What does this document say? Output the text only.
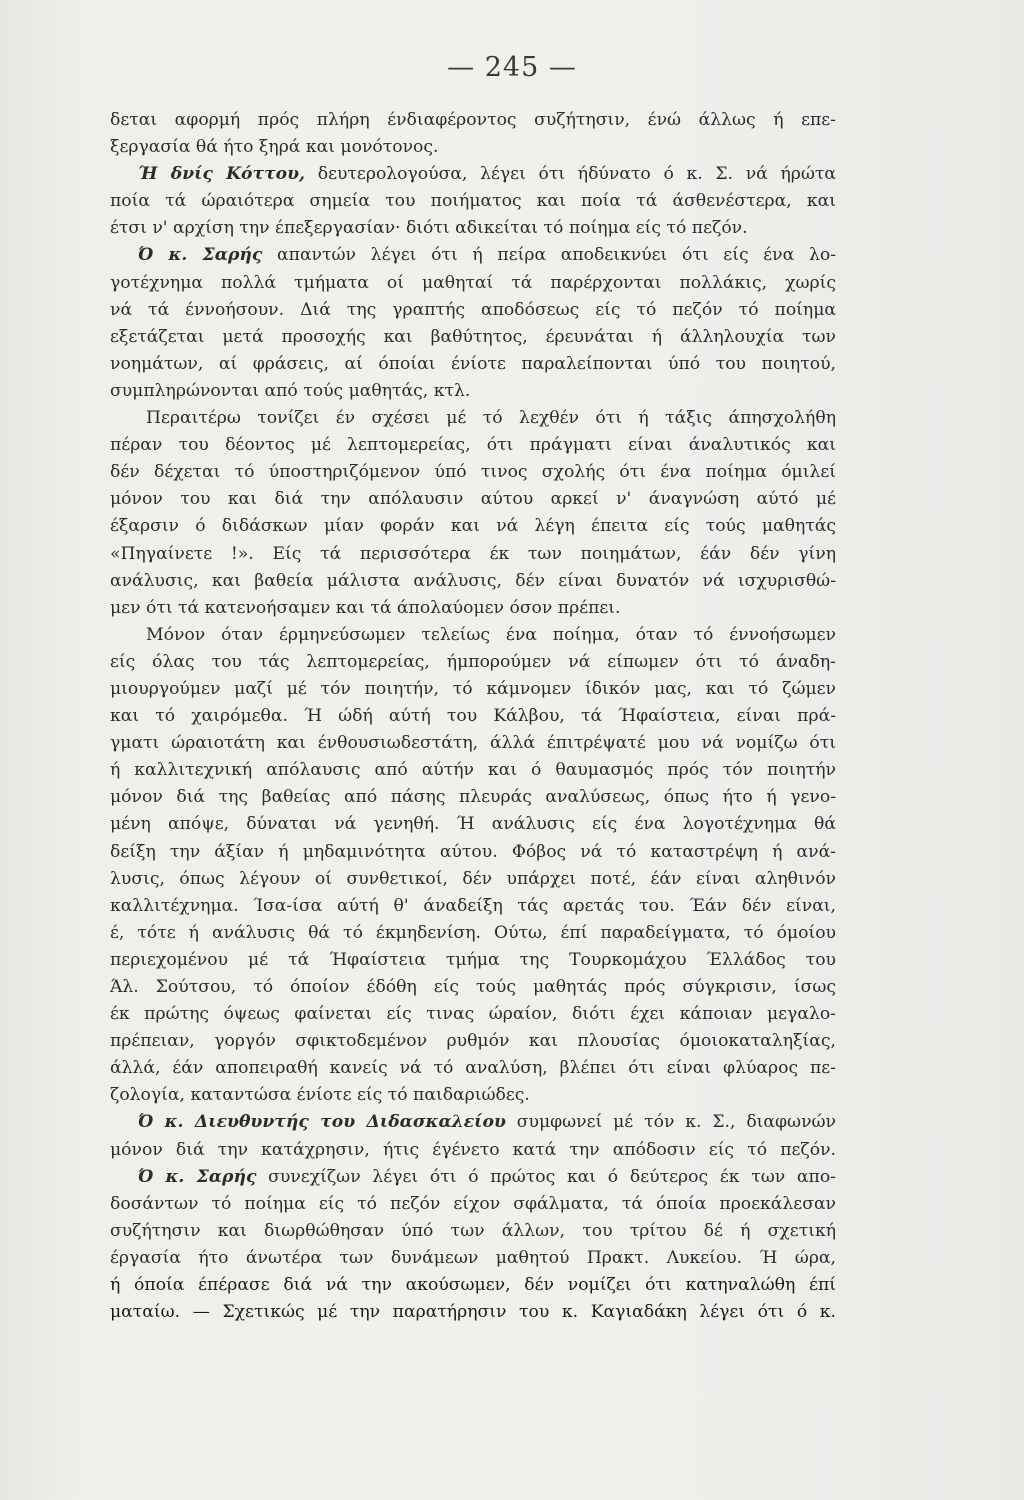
— 245 —
δεται αφορμή πρός πλήρη ένδιαφέροντος συζήτησιν, ένώ άλλως ή επε-
ξεργασία θά ήτο ξηρά και μονότονος.
Ή δνίς Κόττου, δευτερολογούσα, λέγει ότι ήδύνατο ό κ. Σ. νά ήρώτα
ποία τά ώραιότερα σημεία του ποιήματος και ποία τά άσθενέστερα, και
έτσι ν' αρχίση την έπεξεργασίαν· διότι αδικείται τό ποίημα είς τό πεζόν.
Ό κ. Σαρής απαντών λέγει ότι ή πείρα αποδεικνύει ότι είς ένα λο-
γοτέχνημα πολλά τμήματα οί μαθηταί τά παρέρχονται πολλάκις, χωρίς
νά τά έννοήσουν. Διά της γραπτής αποδόσεως είς τό πεζόν τό ποίημα
εξετάζεται μετά προσοχής και βαθύτητος, έρευνάται ή άλληλουχία των
νοημάτων, αί φράσεις, αί όποίαι ένίοτε παραλείπονται ύπό του ποιητού,
συμπληρώνονται από τούς μαθητάς, κτλ.
Περαιτέρω τονίζει έν σχέσει μέ τό λεχθέν ότι ή τάξις άπησχολήθη
πέραν του δέοντος μέ λεπτομερείας, ότι πράγματι είναι άναλυτικός και
δέν δέχεται τό ύποστηριζόμενον ύπό τινος σχολής ότι ένα ποίημα όμιλεί
μόνον του και διά την απόλαυσιν αύτου αρκεί ν' άναγνώση αύτό μέ
έξαρσιν ό διδάσκων μίαν φοράν και νά λέγη έπειτα είς τούς μαθητάς
«Πηγαίνετε !». Είς τά περισσότερα έκ των ποιημάτων, έάν δέν γίνη
ανάλυσις, και βαθεία μάλιστα ανάλυσις, δέν είναι δυνατόν νά ισχυρισθώ-
μεν ότι τά κατενοήσαμεν και τά άπολαύομεν όσον πρέπει.
Μόνον όταν έρμηνεύσωμεν τελείως ένα ποίημα, όταν τό έννοήσωμεν
είς όλας του τάς λεπτομερείας, ήμπορούμεν νά είπωμεν ότι τό άναδη-
μιουργούμεν μαζί μέ τόν ποιητήν, τό κάμνομεν ίδικόν μας, και τό ζώμεν
και τό χαιρόμεθα. Ή ώδή αύτή του Κάλβου, τά Ήφαίστεια, είναι πρά-
γματι ώραιοτάτη και ένθουσιωδεστάτη, άλλά έπιτρέψατέ μου νά νομίζω ότι
ή καλλιτεχνική απόλαυσις από αύτήν και ό θαυμασμός πρός τόν ποιητήν
μόνον διά της βαθείας από πάσης πλευράς αναλύσεως, όπως ήτο ή γενο-
μένη απόψε, δύναται νά γενηθή. Ή ανάλυσις είς ένα λογοτέχνημα θά
δείξη την άξίαν ή μηδαμινότητα αύτου. Φόβος νά τό καταστρέψη ή ανά-
λυσις, όπως λέγουν οί συνθετικοί, δέν υπάρχει ποτέ, έάν είναι αληθινόν
καλλιτέχνημα. Ίσα-ίσα αύτή θ' άναδείξη τάς αρετάς του. Έάν δέν είναι,
έ, τότε ή ανάλυσις θά τό έκμηδενίση. Ούτω, έπί παραδείγματα, τό όμοίου
περιεχομένου μέ τά Ήφαίστεια τμήμα της Τουρκομάχου Έλλάδος του
Άλ. Σούτσου, τό όποίον έδόθη είς τούς μαθητάς πρός σύγκρισιν, ίσως
έκ πρώτης όψεως φαίνεται είς τινας ώραίον, διότι έχει κάποιαν μεγαλο-
πρέπειαν, γοργόν σφικτοδεμένον ρυθμόν και πλουσίας όμοιοκαταληξίας,
άλλά, έάν αποπειραθή κανείς νά τό αναλύση, βλέπει ότι είναι φλύαρος πε-
ζολογία, καταντώσα ένίοτε είς τό παιδαριώδες.
Ό κ. Διευθυντής του Διδασκαλείου συμφωνεί μέ τόν κ. Σ., διαφωνών
μόνον διά την κατάχρησιν, ήτις έγένετο κατά την απόδοσιν είς τό πεζόν.
Ό κ. Σαρής συνεχίζων λέγει ότι ό πρώτος και ό δεύτερος έκ των απο-
δοσάντων τό ποίημα είς τό πεζόν είχον σφάλματα, τά όποία προεκάλεσαν
συζήτησιν και διωρθώθησαν ύπό των άλλων, του τρίτου δέ ή σχετική
έργασία ήτο άνωτέρα των δυνάμεων μαθητού Πρακτ. Λυκείου. Ή ώρα,
ή όποία έπέρασε διά νά την ακούσωμεν, δέν νομίζει ότι κατηναλώθη έπί
ματαίω. — Σχετικώς μέ την παρατήρησιν του κ. Καγιαδάκη λέγει ότι ό κ.
